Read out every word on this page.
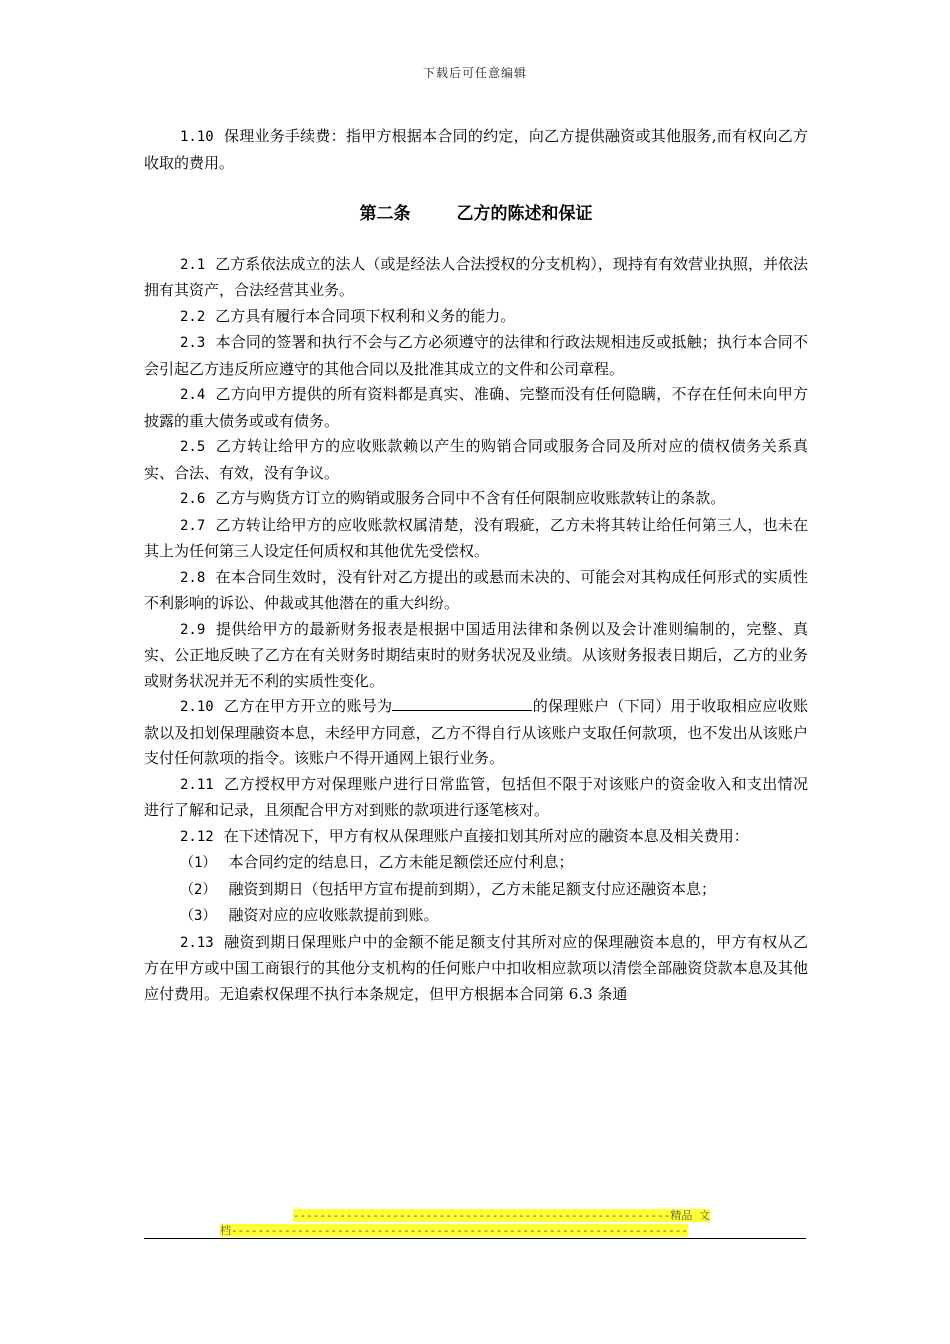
下载后可任意编辑

1.10 保理业务手续费：指甲方根据本合同的约定，向乙方提供融资或其他服务,而有权向乙方收取的费用。

第二条	乙方的陈述和保证

2.1 乙方系依法成立的法人（或是经法人合法授权的分支机构），现持有有效营业执照，并依法拥有其资产，合法经营其业务。

2.2 乙方具有履行本合同项下权利和义务的能力。

2.3 本合同的签署和执行不会与乙方必须遵守的法律和行政法规相违反或抵触；执行本合同不会引起乙方违反所应遵守的其他合同以及批准其成立的文件和公司章程。

2.4 乙方向甲方提供的所有资料都是真实、准确、完整而没有任何隐瞒，不存在任何未向甲方披露的重大债务或或有债务。

2.5 乙方转让给甲方的应收账款赖以产生的购销合同或服务合同及所对应的债权债务关系真实、合法、有效，没有争议。

2.6 乙方与购货方订立的购销或服务合同中不含有任何限制应收账款转让的条款。

2.7 乙方转让给甲方的应收账款权属清楚，没有瑕疵，乙方未将其转让给任何第三人，也未在其上为任何第三人设定任何质权和其他优先受偿权。

2.8 在本合同生效时，没有针对乙方提出的或悬而未决的、可能会对其构成任何形式的实质性不利影响的诉讼、仲裁或其他潜在的重大纠纷。

2.9 提供给甲方的最新财务报表是根据中国适用法律和条例以及会计准则编制的，完整、真实、公正地反映了乙方在有关财务时期结束时的财务状况及业绩。从该财务报表日期后，乙方的业务或财务状况并无不利的实质性变化。

2.10 乙方在甲方开立的账号为	的保理账户（下同）用于收取相应应收账款以及扣划保理融资本息，未经甲方同意，乙方不得自行从该账户支取任何款项，也不发出从该账户支付任何款项的指令。该账户不得开通网上银行业务。

2.11 乙方授权甲方对保理账户进行日常监管，包括但不限于对该账户的资金收入和支出情况进行了解和记录，且须配合甲方对到账的款项进行逐笔核对。

2.12 在下述情况下，甲方有权从保理账户直接扣划其所对应的融资本息及相关费用：

（1） 本合同约定的结息日，乙方未能足额偿还应付利息；

（2） 融资到期日（包括甲方宣布提前到期），乙方未能足额支付应还融资本息；

（3） 融资对应的应收账款提前到账。

2.13 融资到期日保理账户中的金额不能足额支付其所对应的保理融资本息的，甲方有权从乙方在甲方或中国工商银行的其他分支机构的任何账户中扣收相应款项以清偿全部融资贷款本息及其他应付费用。无追索权保理不执行本条规定，但甲方根据本合同第 6.3 条通

---------------------------------------------------------精品 文
档---------------------------------------------------------------------
